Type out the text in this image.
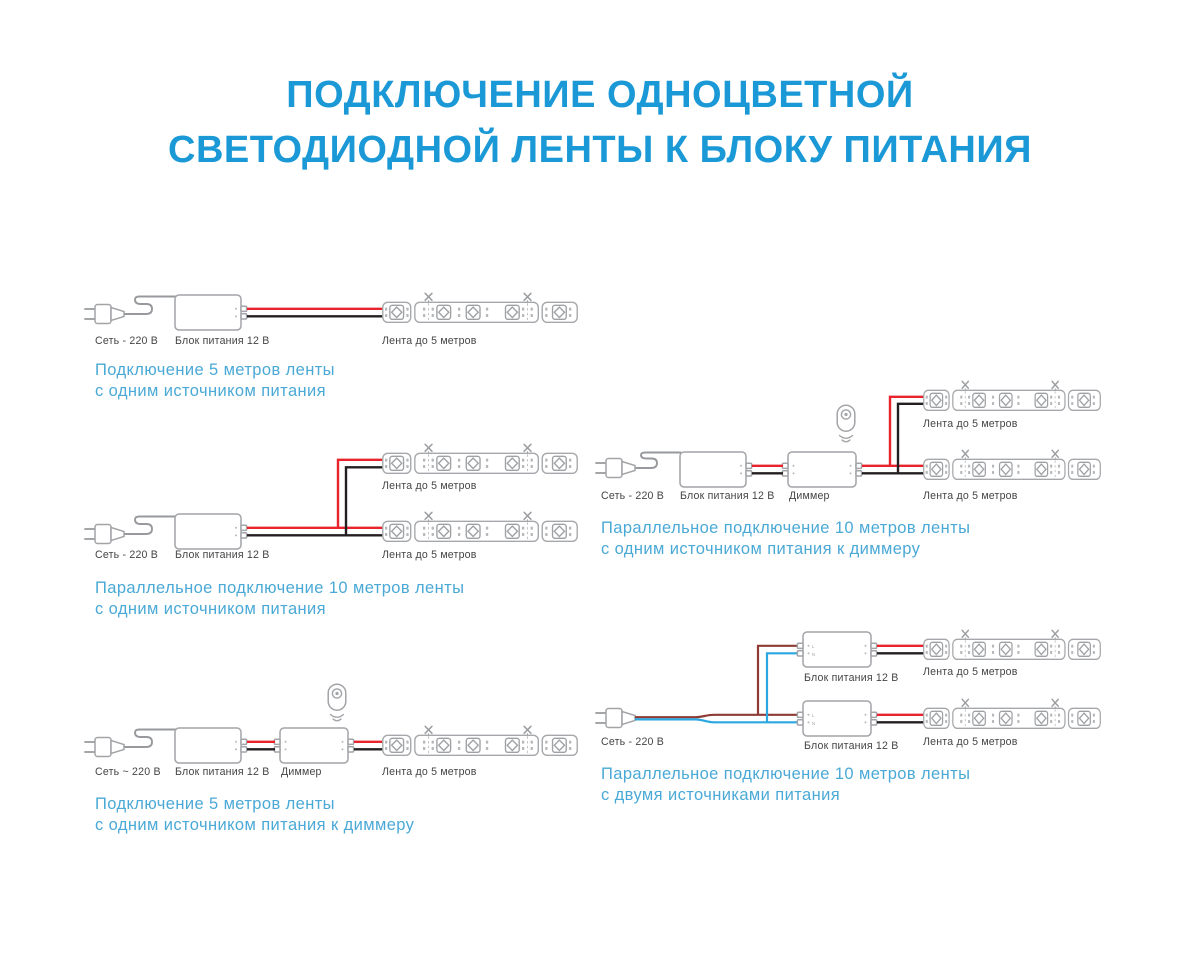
Сеть - 220 В Блок питания 12 В	Лента до 5 метров
Лента до 5 метров
Сеть - 220 В Блок питания 12 В	Лента до 5 метров
Сеть ~ 220 В Блок питания 12 В Диммер	Лента до 5 метров
Лента до 5 метров
Сеть - 220 В Блок питания 12 В Диммер	Лента до 5 метров
L
N
L
N
Блок питания 12 В Лента до 5 метров
Сеть - 220 В	Блок питания 12 В Лента до 5 метров
ПОДКЛЮЧЕНИЕ ОДНОЦВЕТНОЙ
СВЕТОДИОДНОЙ ЛЕНТЫ К БЛОКУ ПИТАНИЯ
Подключение 5 метров ленты
с одним источником питания
Параллельное подключение 10 метров ленты
с одним источником питания
Подключение 5 метров ленты
с одним источником питания к диммеру
Параллельное подключение 10 метров ленты
с одним источником питания к диммеру
Параллельное подключение 10 метров ленты
с двумя источниками питания
